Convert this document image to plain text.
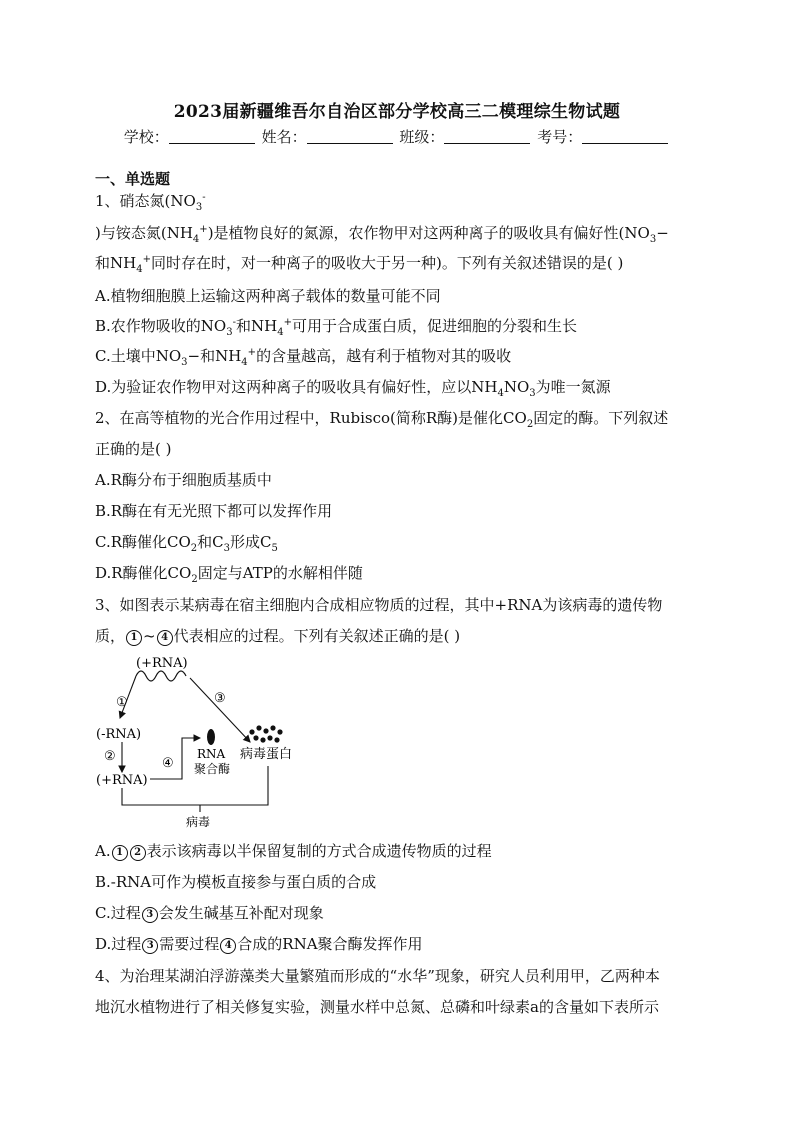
2023届新疆维吾尔自治区部分学校高三二模理综生物试题
学校：	姓名：	班级：	考号：
一、单选题
1、硝态氮($NO_3^-$
)与铵态氮$(NH_4^+)$是植物良好的氮源，农作物甲对这两种离子的吸收具有偏好性($NO_3-$
和$NH_4^+$同时存在时，对一种离子的吸收大于另一种)。下列有关叙述错误的是( )
A.植物细胞膜上运输这两种离子载体的数量可能不同
B.农作物吸收的$NO_3^-$和$NH_4^+$可用于合成蛋白质，促进细胞的分裂和生长
C.土壤中$NO_3-$和$NH_4^+$的含量越高，越有利于植物对其的吸收
D.为验证农作物甲对这两种离子的吸收具有偏好性，应以$NH_4NO_3$为唯一氮源
2、在高等植物的光合作用过程中，Rubisco(简称R酶)是催化$CO_2$固定的酶。下列叙述
正确的是( )
A.R酶分布于细胞质基质中
B.R酶在有无光照下都可以发挥作用
C.R酶催化$CO_2$和$C_3$形成$C_5$
D.R酶催化$CO_2$固定与ATP的水解相伴随
3、如图表示某病毒在宿主细胞内合成相应物质的过程，其中+RNA为该病毒的遗传物
质， 1 ~ 4 代表相应的过程。下列有关叙述正确的是( )
(+RNA)
①	③
(-RNA)
②
(+RNA)
④
RNA
聚合酶
病毒蛋白
病毒
A. 1 2 表示该病毒以半保留复制的方式合成遗传物质的过程
B.-RNA可作为模板直接参与蛋白质的合成
C.过程 3 会发生碱基互补配对现象
D.过程 3 需要过程 4 合成的RNA聚合酶发挥作用
4、为治理某湖泊浮游藻类大量繁殖而形成的“水华”现象，研究人员利用甲，乙两种本
地沉水植物进行了相关修复实验，测量水样中总氮、总磷和叶绿素a的含量如下表所示
